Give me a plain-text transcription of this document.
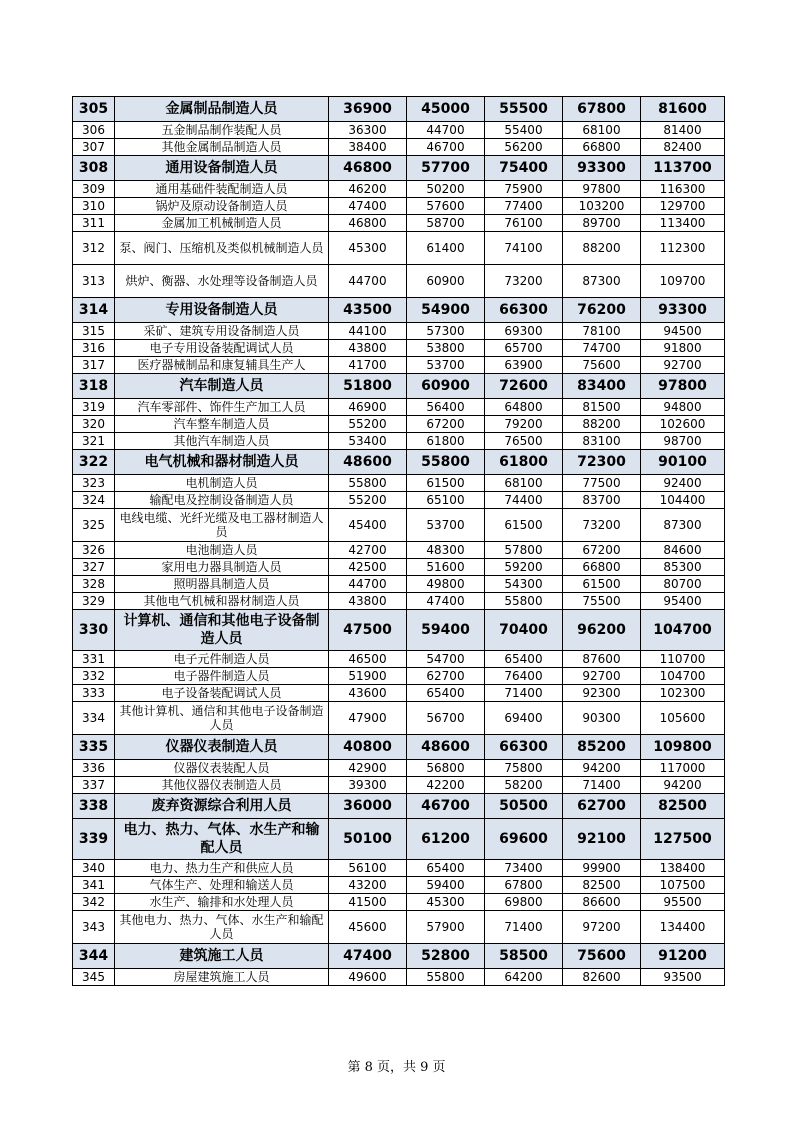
305	金属制品制造人员	36900	45000	55500	67800	81600
306	五金制品制作装配人员	36300	44700	55400	68100	81400
307	其他金属制品制造人员	38400	46700	56200	66800	82400
308	通用设备制造人员	46800	57700	75400	93300	113700
309	通用基础件装配制造人员	46200	50200	75900	97800	116300
310	锅炉及原动设备制造人员	47400	57600	77400	103200	129700
311	金属加工机械制造人员	46800	58700	76100	89700	113400
312	泵、阀门、压缩机及类似机械制造人员	45300	61400	74100	88200	112300
313	烘炉、衡器、水处理等设备制造人员	44700	60900	73200	87300	109700
314	专用设备制造人员	43500	54900	66300	76200	93300
315	采矿、建筑专用设备制造人员	44100	57300	69300	78100	94500
316	电子专用设备装配调试人员	43800	53800	65700	74700	91800
317	医疗器械制品和康复辅具生产人	41700	53700	63900	75600	92700
318	汽车制造人员	51800	60900	72600	83400	97800
319	汽车零部件、饰件生产加工人员	46900	56400	64800	81500	94800
320	汽车整车制造人员	55200	67200	79200	88200	102600
321	其他汽车制造人员	53400	61800	76500	83100	98700
322	电气机械和器材制造人员	48600	55800	61800	72300	90100
323	电机制造人员	55800	61500	68100	77500	92400
324	输配电及控制设备制造人员	55200	65100	74400	83700	104400
325	电线电缆、光纤光缆及电工器材制造人员	45400	53700	61500	73200	87300
326	电池制造人员	42700	48300	57800	67200	84600
327	家用电力器具制造人员	42500	51600	59200	66800	85300
328	照明器具制造人员	44700	49800	54300	61500	80700
329	其他电气机械和器材制造人员	43800	47400	55800	75500	95400
330	计算机、通信和其他电子设备制造人员	47500	59400	70400	96200	104700
331	电子元件制造人员	46500	54700	65400	87600	110700
332	电子器件制造人员	51900	62700	76400	92700	104700
333	电子设备装配调试人员	43600	65400	71400	92300	102300
334	其他计算机、通信和其他电子设备制造人员	47900	56700	69400	90300	105600
335	仪器仪表制造人员	40800	48600	66300	85200	109800
336	仪器仪表装配人员	42900	56800	75800	94200	117000
337	其他仪器仪表制造人员	39300	42200	58200	71400	94200
338	废弃资源综合利用人员	36000	46700	50500	62700	82500
339	电力、热力、气体、水生产和输配人员	50100	61200	69600	92100	127500
340	电力、热力生产和供应人员	56100	65400	73400	99900	138400
341	气体生产、处理和输送人员	43200	59400	67800	82500	107500
342	水生产、输排和水处理人员	41500	45300	69800	86600	95500
343	其他电力、热力、气体、水生产和输配人员	45600	57900	71400	97200	134400
344	建筑施工人员	47400	52800	58500	75600	91200
345	房屋建筑施工人员	49600	55800	64200	82600	93500
第 8 页，共 9 页
